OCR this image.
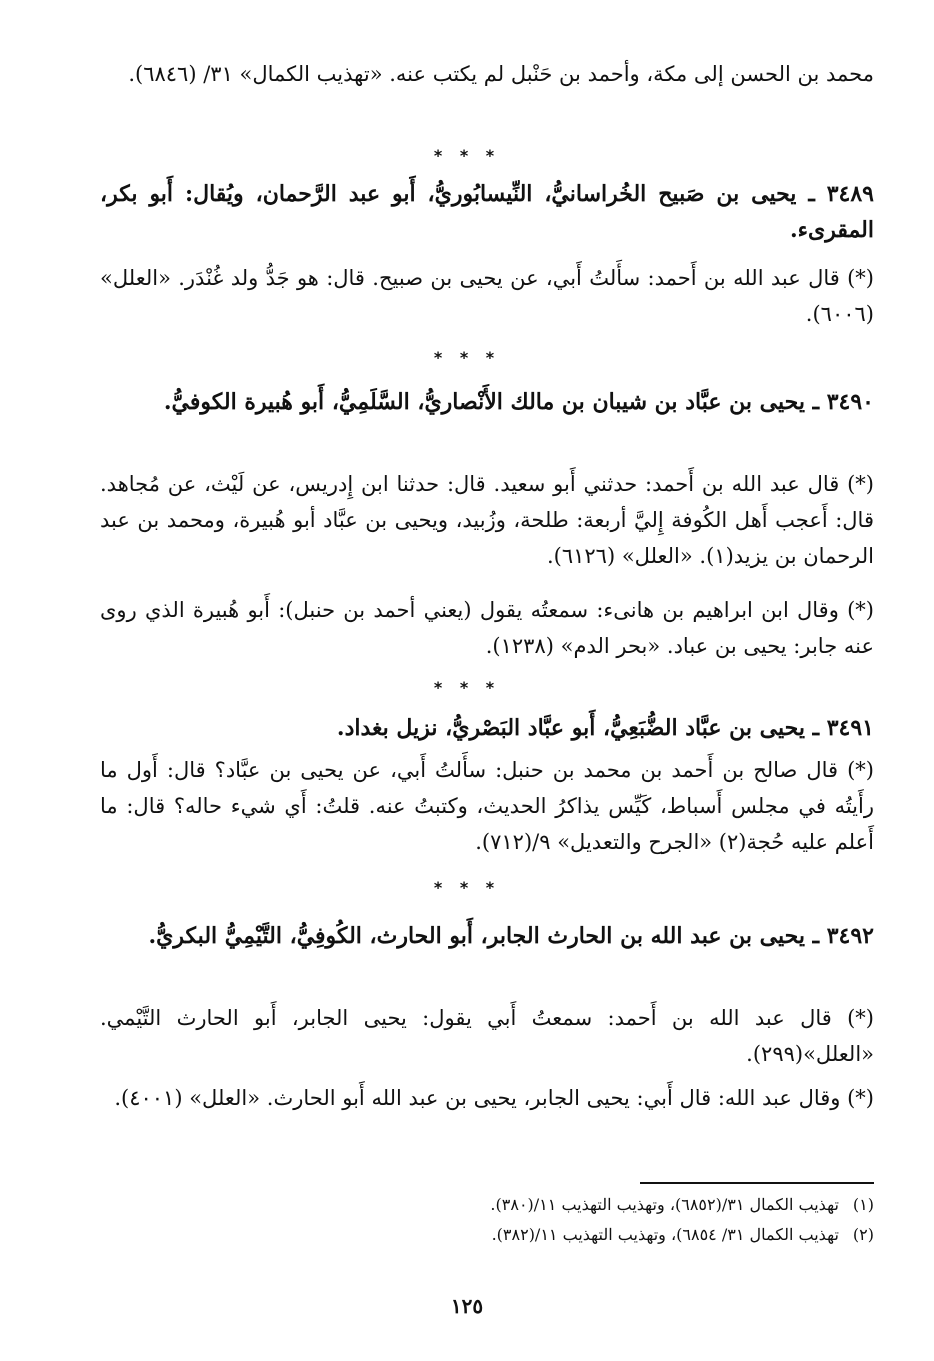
محمد بن الحسن إلى مكة، وأحمد بن حَنْبل لم يكتب عنه. «تهذيب الكمال» ٣١/ (٦٨٤٦).

* * *

٣٤٨٩ ـ يحيى بن صَبيح الخُراسانيُّ، النِّيسابُوريُّ، أَبو عبد الرَّحمان، ويُقال: أَبو بكر، المقرىء.

(*) قال عبد الله بن أَحمد: سأَلتُ أَبي، عن يحيى بن صبيح. قال: هو جَدُّ ولد غُنْدَر. «العلل» (٦٠٠٦).

* * *

٣٤٩٠ ـ يحيى بن عبَّاد بن شيبان بن مالك الأَنْصاريُّ، السَّلَمِيُّ، أَبو هُبيرة الكوفيُّ.

(*) قال عبد الله بن أَحمد: حدثني أَبو سعيد. قال: حدثنا ابن إِدريس، عن لَيْث، عن مُجاهد. قال: أَعجب أَهل الكُوفة إِليَّ أربعة: طلحة، وزُبيد، ويحيى بن عبَّاد أبو هُبيرة، ومحمد بن عبد الرحمان بن يزيد(١). «العلل» (٦١٢٦).

(*) وقال ابن ابراهيم بن هانىء: سمعتُه يقول (يعني أحمد بن حنبل): أَبو هُبيرة الذي روى عنه جابر: يحيى بن عباد. «بحر الدم» (١٢٣٨).

* * *

٣٤٩١ ـ يحيى بن عبَّاد الضُّبَعِيُّ، أَبو عبَّاد البَصْريُّ، نزيل بغداد.

(*) قال صالح بن أَحمد بن محمد بن حنبل: سأَلتُ أَبي، عن يحيى بن عبَّاد؟ قال: أَول ما رأَيتُه في مجلس أَسباط، كَيِّس يذاكرُ الحديث، وكتبتُ عنه. قلتُ: أَي شيء حاله؟ قال: ما أَعلم عليه حُجة(٢) «الجرح والتعديل» ٩/(٧١٢).

* * *

٣٤٩٢ ـ يحيى بن عبد الله بن الحارث الجابر، أَبو الحارث، الكُوفِيُّ، التَّيْمِيُّ البكريُّ.

(*) قال عبد الله بن أَحمد: سمعتُ أَبي يقول: يحيى الجابر، أَبو الحارث التَّيْمي. «العلل»(٢٩٩).

(*) وقال عبد الله: قال أَبي: يحيى الجابر، يحيى بن عبد الله أَبو الحارث. «العلل» (٤٠٠١).

(١) تهذيب الكمال ٣١/(٦٨٥٢)، وتهذيب التهذيب ١١/(٣٨٠).

(٢) تهذيب الكمال ٣١/ ٦٨٥٤)، وتهذيب التهذيب ١١/(٣٨٢).

١٢٥
